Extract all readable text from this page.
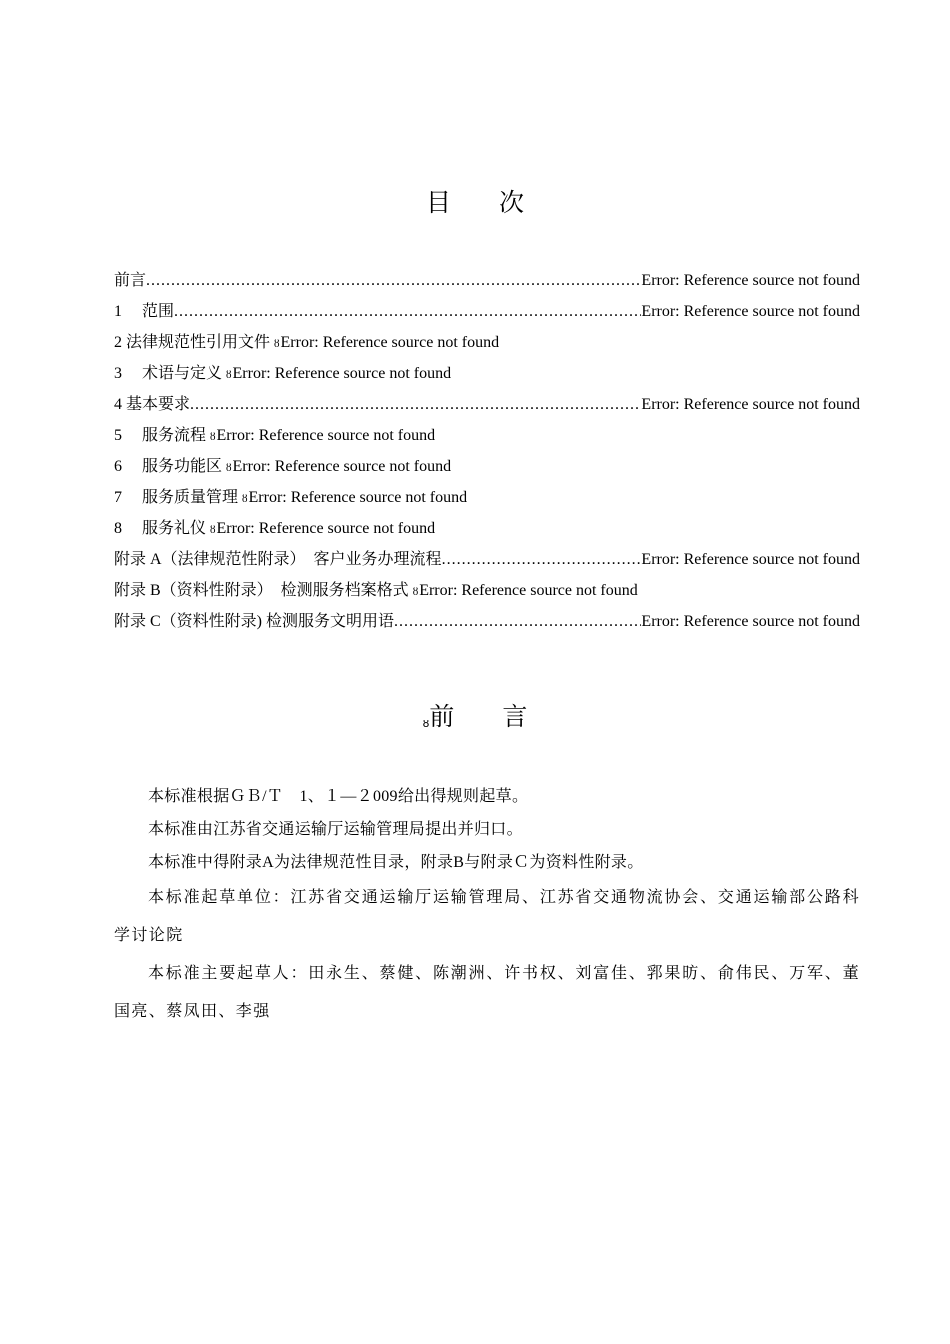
目 次
前言 .....	Error: Reference source not found
1　 范围 .....	Error: Reference source not found
2 法律规范性引用文件 ȣ Error: Reference source not found
3　 术语与定义 ȣ Error: Reference source not found
4 基本要求 .....	Error: Reference source not found
5　 服务流程 ȣ Error: Reference source not found
6　 服务功能区 ȣ Error: Reference source not found
7　 服务质量管理 ȣ Error: Reference source not found
8　 服务礼仪 ȣ Error: Reference source not found
附录 A（法律规范性附录）　客户业务办理流程 .....	Error: Reference source not found
附录 B（资料性附录）　检测服务档案格式 ȣ Error: Reference source not found
附录 C（资料性附录) 检测服务文明用语 .....	Error: Reference source not found
ȣ前 言

本标准根据ＧＢ/Ｔ　1、１—２009给出得规则起草。

本标准由江苏省交通运输厅运输管理局提出并归口。

本标准中得附录A为法律规范性目录，附录B与附录Ｃ为资料性附录。

本标准起草单位：江苏省交通运输厅运输管理局、江苏省交通物流协会、交通运输部公路科学讨论院

本标准主要起草人：田永生、蔡健、陈潮洲、许书权、刘富佳、郛果昉、俞伟民、万军、董国亮、蔡凤田、李强
